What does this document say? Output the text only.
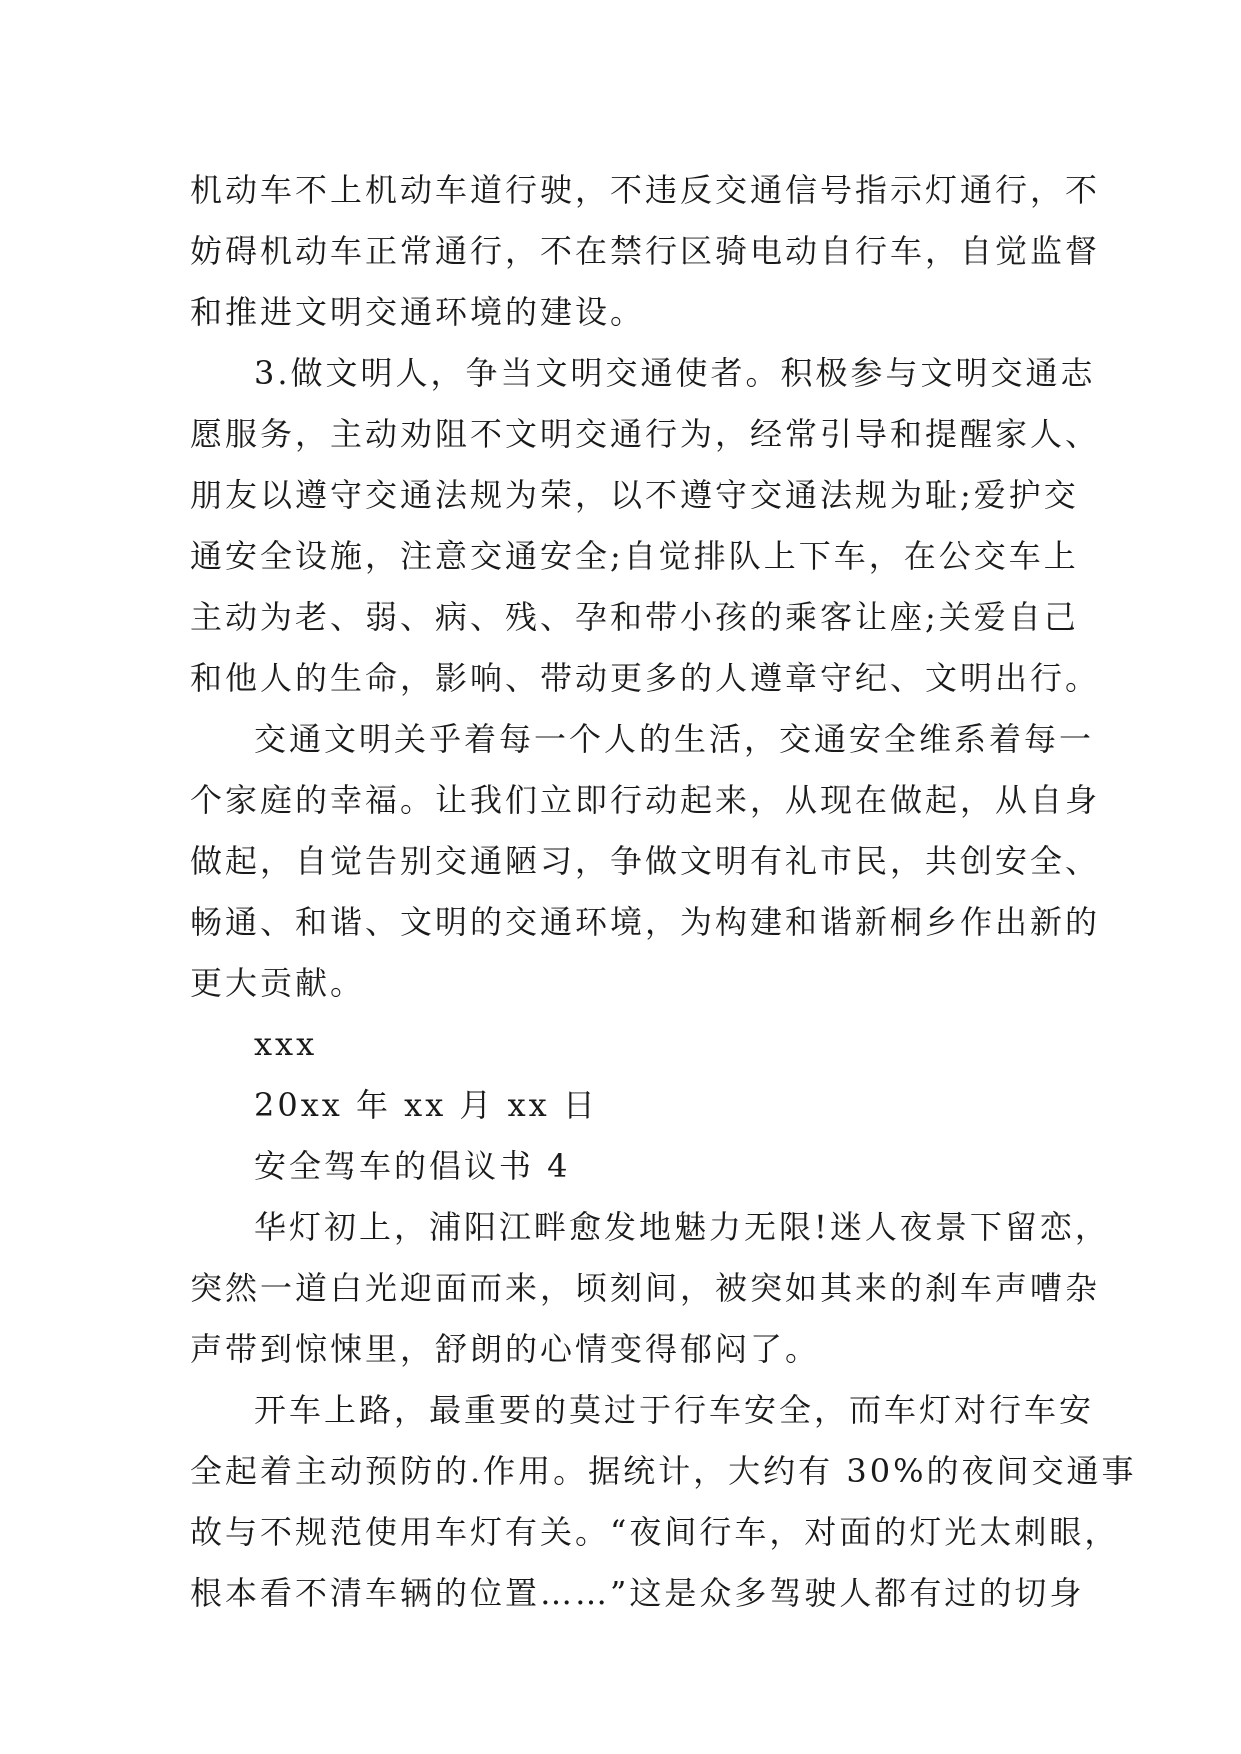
机动车不上机动车道行驶，不违反交通信号指示灯通行，不
妨碍机动车正常通行，不在禁行区骑电动自行车，自觉监督
和推进文明交通环境的建设。
3.做文明人，争当文明交通使者。积极参与文明交通志
愿服务，主动劝阻不文明交通行为，经常引导和提醒家人、
朋友以遵守交通法规为荣，以不遵守交通法规为耻;爱护交
通安全设施，注意交通安全;自觉排队上下车，在公交车上
主动为老、弱、病、残、孕和带小孩的乘客让座;关爱自己
和他人的生命，影响、带动更多的人遵章守纪、文明出行。
交通文明关乎着每一个人的生活，交通安全维系着每一
个家庭的幸福。让我们立即行动起来，从现在做起，从自身
做起，自觉告别交通陋习，争做文明有礼市民，共创安全、
畅通、和谐、文明的交通环境，为构建和谐新桐乡作出新的
更大贡献。
xxx
20xx 年 xx 月 xx 日
安全驾车的倡议书 4
华灯初上，浦阳江畔愈发地魅力无限!迷人夜景下留恋，
突然一道白光迎面而来，顷刻间，被突如其来的刹车声嘈杂
声带到惊悚里，舒朗的心情变得郁闷了。
开车上路，最重要的莫过于行车安全，而车灯对行车安
全起着主动预防的.作用。据统计，大约有 30%的夜间交通事
故与不规范使用车灯有关。“夜间行车，对面的灯光太刺眼，
根本看不清车辆的位置……”这是众多驾驶人都有过的切身
